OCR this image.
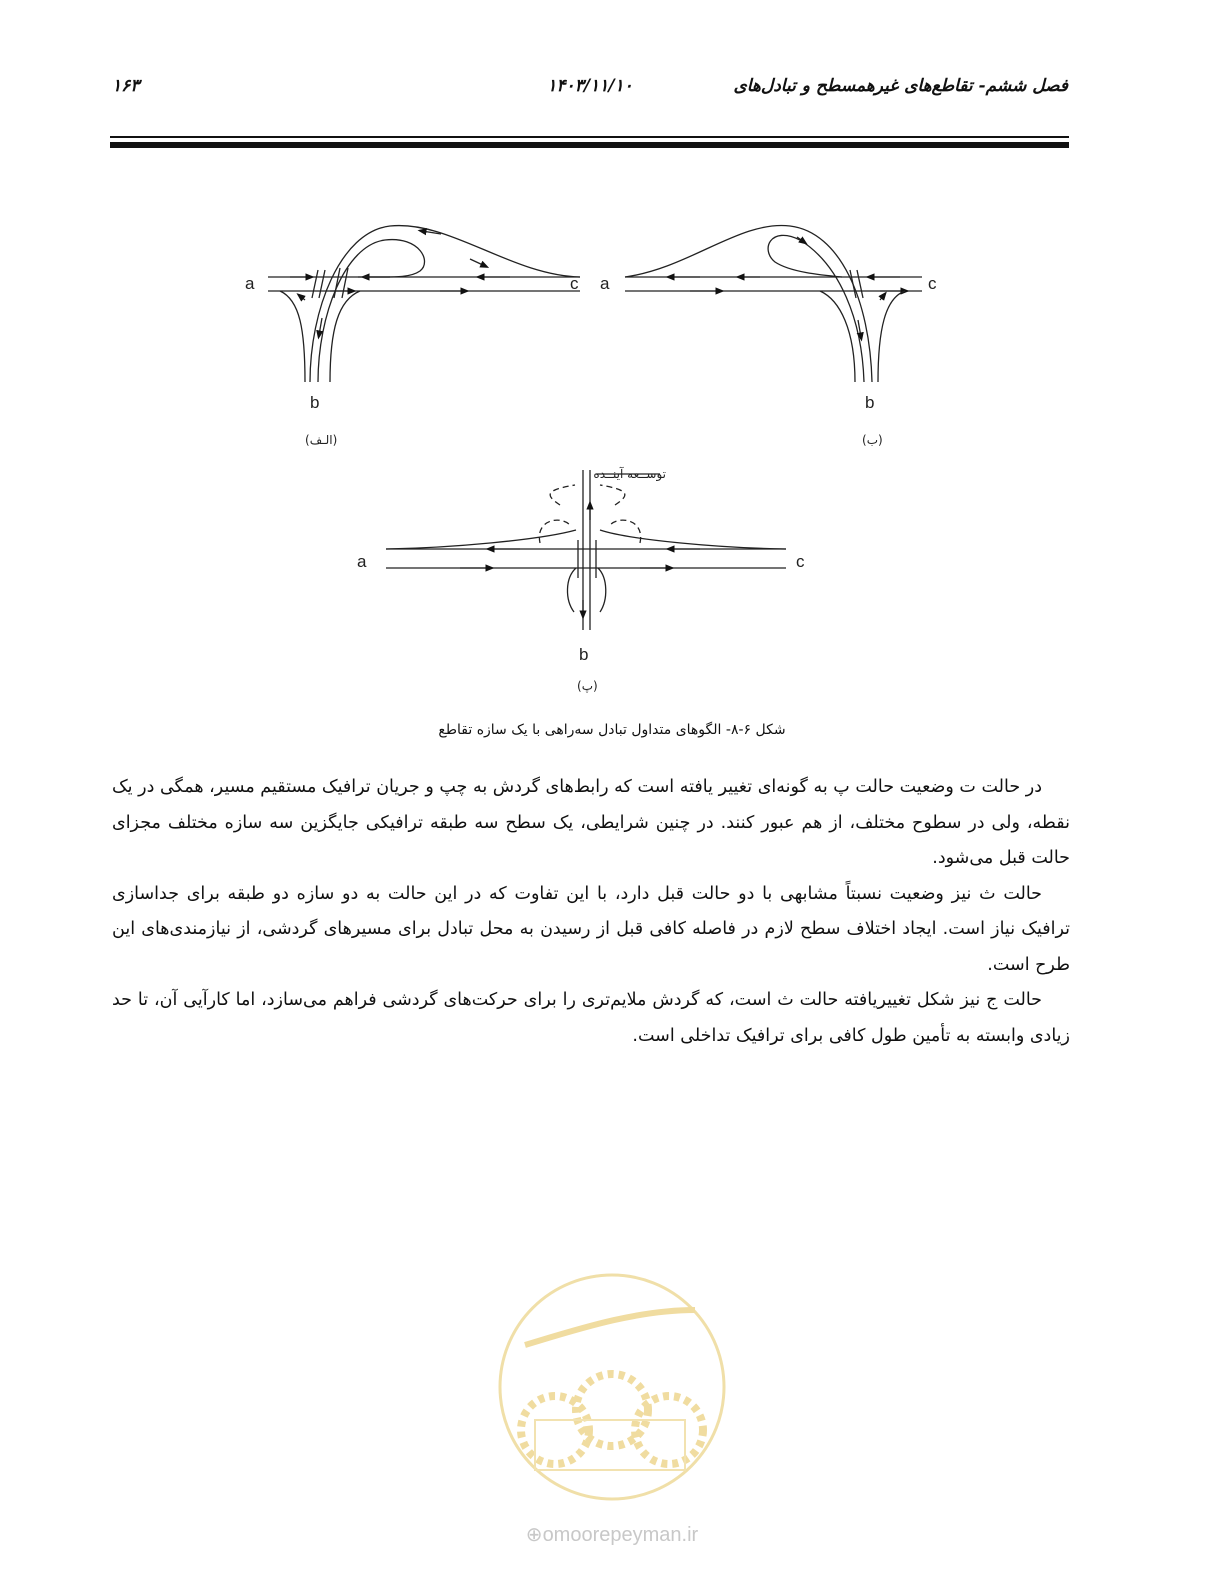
فصل ششم- تقاطع‌های غیرهمسطح و تبادل‌های
۱۴۰۳/۱۱/۱۰
۱۶۳
a	c
b
(الـف)
a	c
b
(ب)
a	c
b
(پ)
توســعه آینــده
شکل ۶-۸- الگوهای متداول تبادل سه‌راهی با یک سازه تقاطع

در حالت ت وضعیت حالت پ به گونه‌ای تغییر یافته است که رابط‌های گردش به چپ و جریان ترافیک مستقیم مسیر، همگی در یک نقطه، ولی در سطوح مختلف، از هم عبور کنند. در چنین شرایطی، یک سطح سه طبقه ترافیکی جایگزین سه سازه مختلف مجزای حالت قبل می‌شود.

حالت ث نیز وضعیت نسبتاً مشابهی با دو حالت قبل دارد، با این تفاوت که در این حالت به دو سازه دو طبقه برای جداسازی ترافیک نیاز است. ایجاد اختلاف سطح لازم در فاصله کافی قبل از رسیدن به محل تبادل برای مسیرهای گردشی، از نیازمندی‌های این طرح است.

حالت ج نیز شکل تغییریافته حالت ث است، که گردش ملایم‌تری را برای حرکت‌های گردشی فراهم می‌سازد، اما کارآیی آن، تا حد زیادی وابسته به تأمین طول کافی برای ترافیک تداخلی است.

⊕omoorepeyman.ir
